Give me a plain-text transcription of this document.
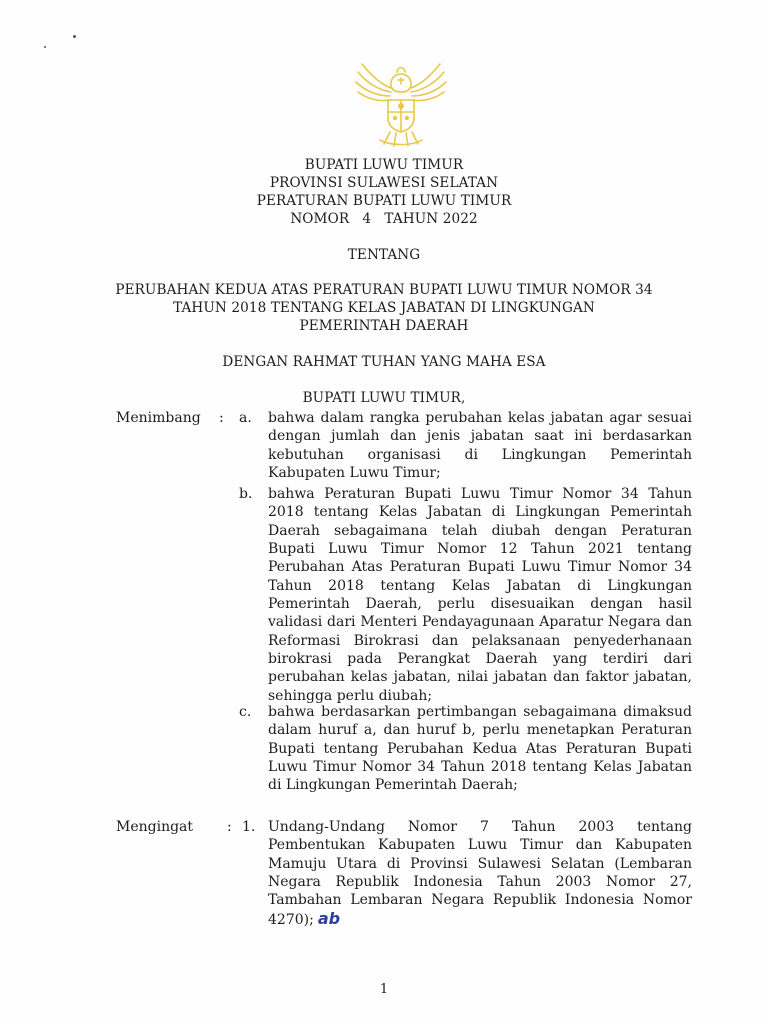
BUPATI LUWU TIMUR
PROVINSI SULAWESI SELATAN
PERATURAN BUPATI LUWU TIMUR
NOMOR   4   TAHUN 2022
TENTANG
PERUBAHAN KEDUA ATAS PERATURAN BUPATI LUWU TIMUR NOMOR 34
TAHUN 2018 TENTANG KELAS JABATAN DI LINGKUNGAN
PEMERINTAH DAERAH
DENGAN RAHMAT TUHAN YANG MAHA ESA
BUPATI LUWU TIMUR,
Menimbang : a. bahwa dalam rangka perubahan kelas jabatan agar sesuai dengan jumlah dan jenis jabatan saat ini berdasarkan kebutuhan organisasi di Lingkungan Pemerintah Kabupaten Luwu Timur;
b. bahwa Peraturan Bupati Luwu Timur Nomor 34 Tahun 2018 tentang Kelas Jabatan di Lingkungan Pemerintah Daerah sebagaimana telah diubah dengan Peraturan Bupati Luwu Timur Nomor 12 Tahun 2021 tentang Perubahan Atas Peraturan Bupati Luwu Timur Nomor 34 Tahun 2018 tentang Kelas Jabatan di Lingkungan Pemerintah Daerah, perlu disesuaikan dengan hasil validasi dari Menteri Pendayagunaan Aparatur Negara dan Reformasi Birokrasi dan pelaksanaan penyederhanaan birokrasi pada Perangkat Daerah yang terdiri dari perubahan kelas jabatan, nilai jabatan dan faktor jabatan, sehingga perlu diubah;
c. bahwa berdasarkan pertimbangan sebagaimana dimaksud dalam huruf a, dan huruf b, perlu menetapkan Peraturan Bupati tentang Perubahan Kedua Atas Peraturan Bupati Luwu Timur Nomor 34 Tahun 2018 tentang Kelas Jabatan di Lingkungan Pemerintah Daerah;
Mengingat : 1. Undang-Undang Nomor 7 Tahun 2003 tentang Pembentukan Kabupaten Luwu Timur dan Kabupaten Mamuju Utara di Provinsi Sulawesi Selatan (Lembaran Negara Republik Indonesia Tahun 2003 Nomor 27, Tambahan Lembaran Negara Republik Indonesia Nomor 4270); ab
1
